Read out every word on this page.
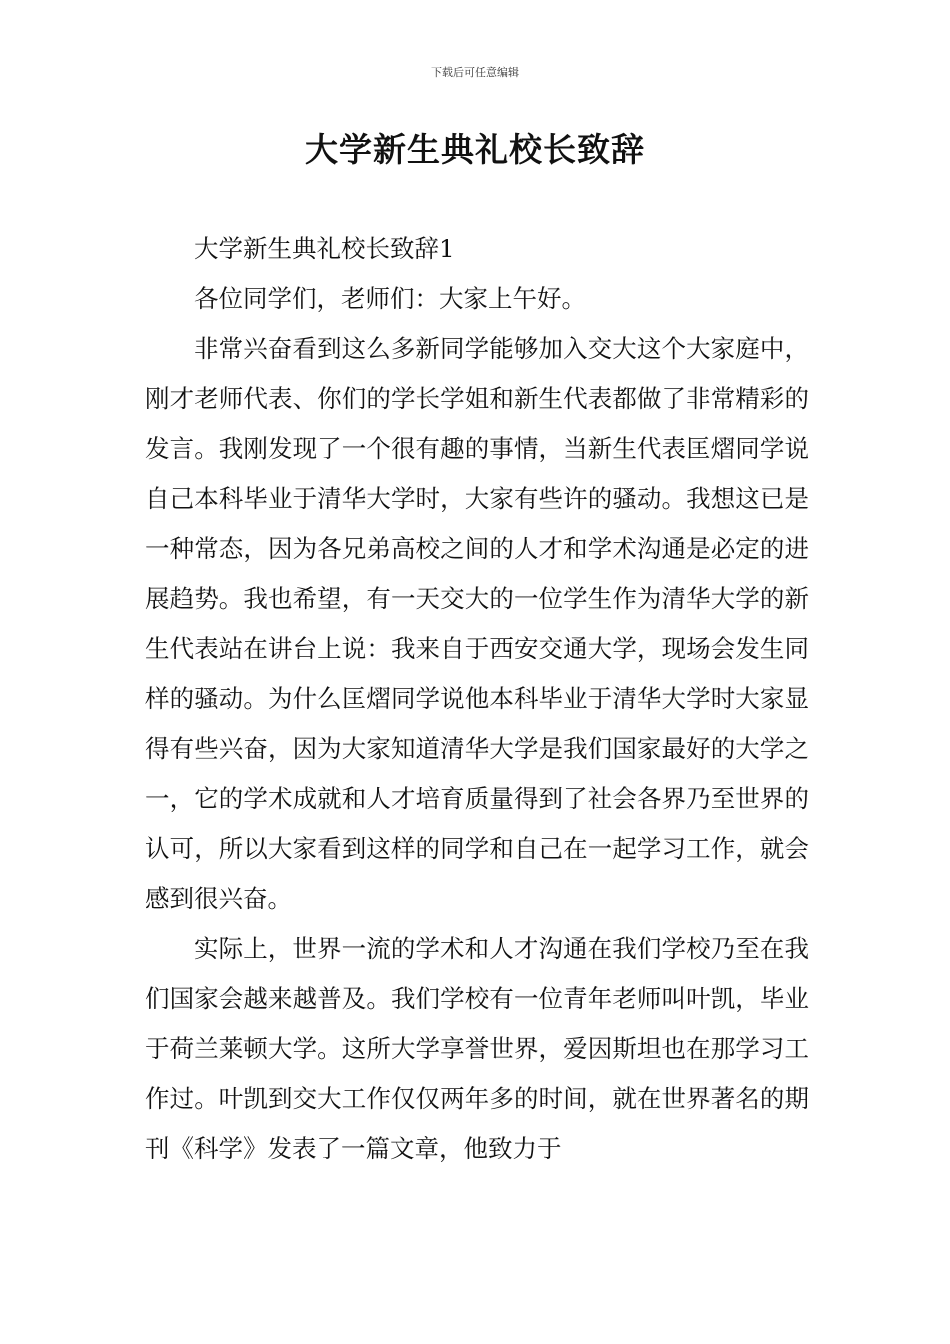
下载后可任意编辑
大学新生典礼校长致辞

大学新生典礼校长致辞1

各位同学们，老师们：大家上午好。

非常兴奋看到这么多新同学能够加入交大这个大家庭中，刚才老师代表、你们的学长学姐和新生代表都做了非常精彩的发言。我刚发现了一个很有趣的事情，当新生代表匡熠同学说自己本科毕业于清华大学时，大家有些许的骚动。我想这已是一种常态，因为各兄弟高校之间的人才和学术沟通是必定的进展趋势。我也希望，有一天交大的一位学生作为清华大学的新生代表站在讲台上说：我来自于西安交通大学，现场会发生同样的骚动。为什么匡熠同学说他本科毕业于清华大学时大家显得有些兴奋，因为大家知道清华大学是我们国家最好的大学之一，它的学术成就和人才培育质量得到了社会各界乃至世界的认可，所以大家看到这样的同学和自己在一起学习工作，就会感到很兴奋。

实际上，世界一流的学术和人才沟通在我们学校乃至在我们国家会越来越普及。我们学校有一位青年老师叫叶凯，毕业于荷兰莱顿大学。这所大学享誉世界，爱因斯坦也在那学习工作过。叶凯到交大工作仅仅两年多的时间，就在世界著名的期刊《科学》发表了一篇文章，他致力于
